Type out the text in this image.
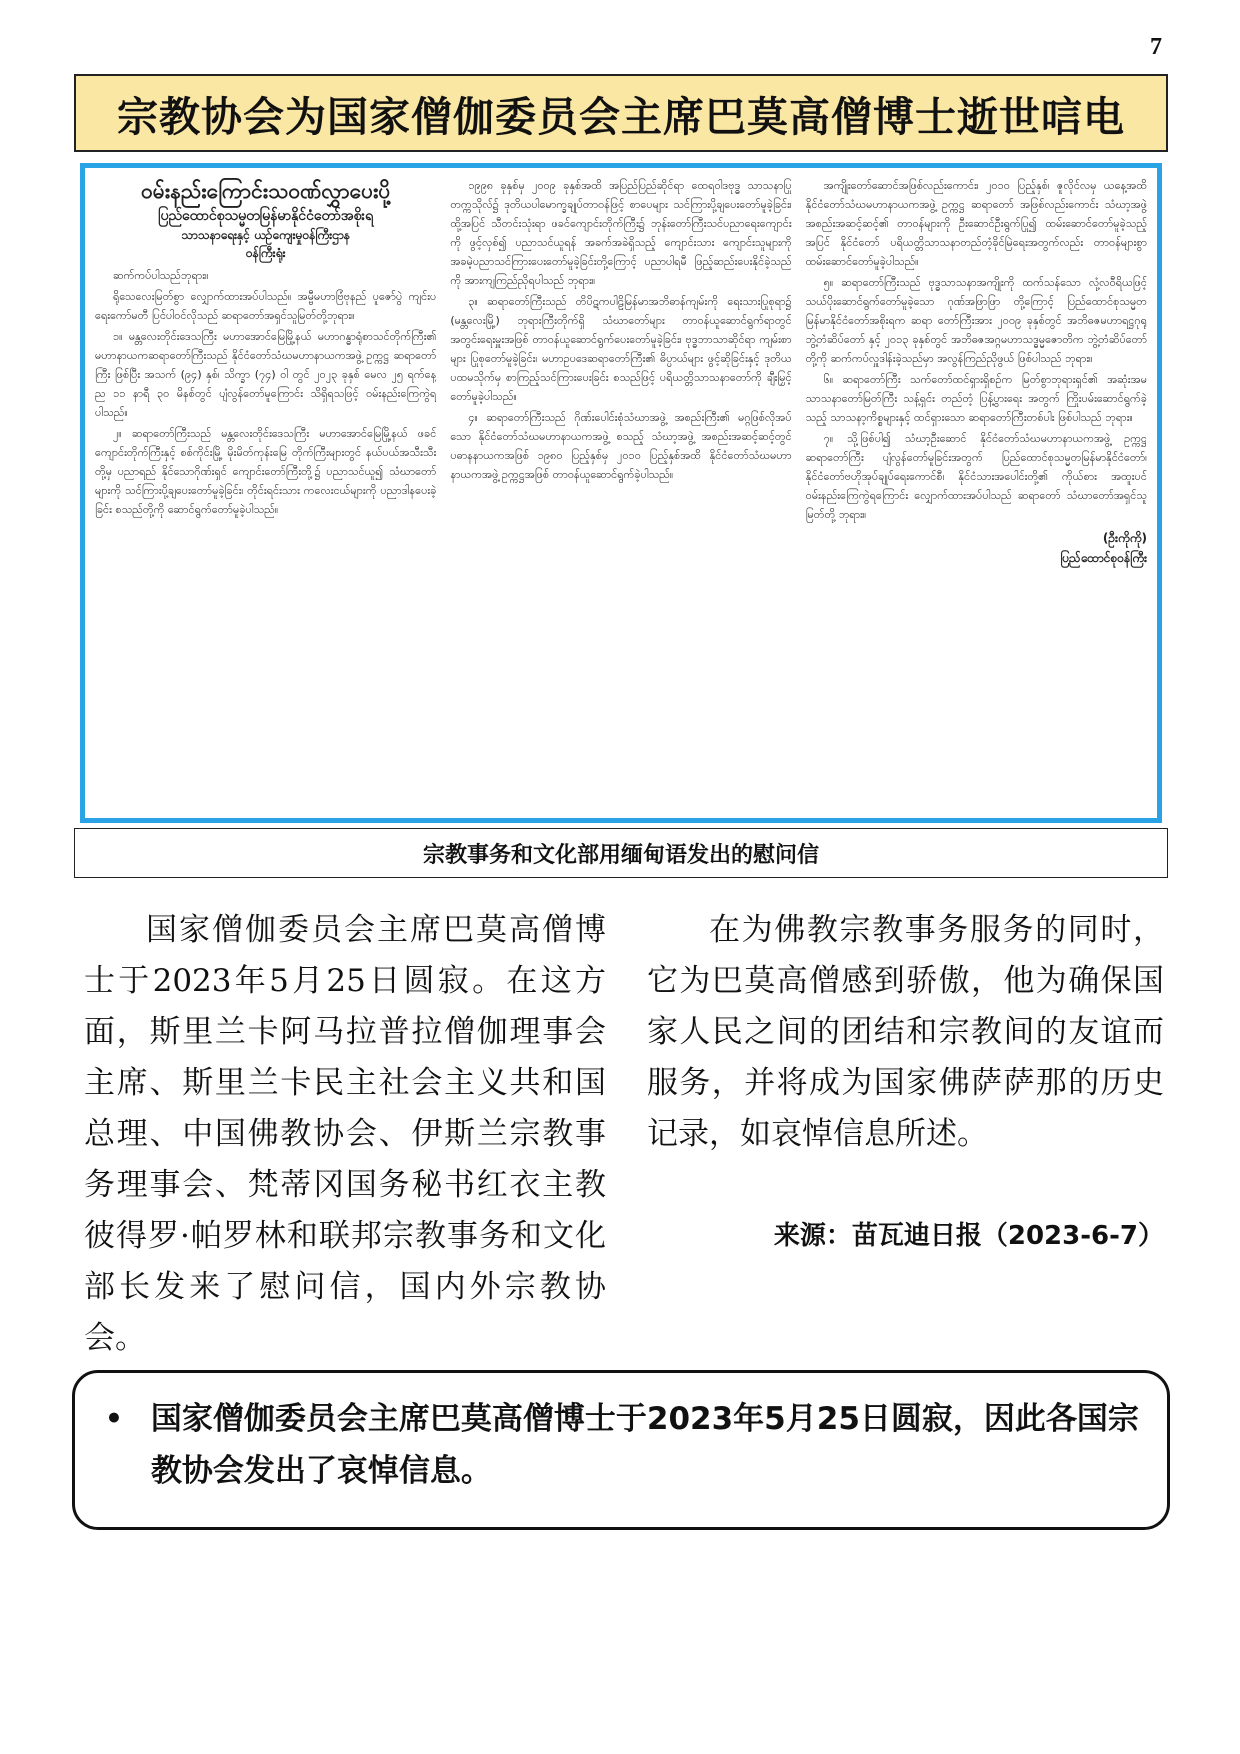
7
宗教协会为国家僧伽委员会主席巴莫高僧博士逝世唁电
ဝမ်းနည်းကြောင်းသဝဏ်လွှာပေးပို့
ပြည်ထောင်စုသမ္မတမြန်မာနိုင်ငံတော်အစိုးရ
သာသနာရေးနှင့် ယဉ်ကျေးမှုဝန်ကြီးဌာန
ဝန်ကြီးရုံး

ဆက်ကပ်ပါသည်ဘုရား။

ရိုသေလေးမြတ်စွာ လျှောက်ထားအပ်ပါသည်။ အမ္ဗီမဟာဗြံဗုနည် ပူဇော်ပွဲ ကျင်းပရေးကော်မတီ ပြင်ပါဝင်လိုသည် ဆရာတော်အရှင်သူမြတ်တို့ဘုရား။

၁။ မန္တလေးတိုင်းဒေသကြီး မဟာအောင်မြေမြို့နယ် မဟာဂန္ဓာရုံစာသင်တိုက်ကြီး၏ မဟာနာယကဆရာတော်ကြီးသည် နိုင်ငံတော်သံဃမဟာနာယကအဖွဲ့ ဥက္ကဋ္ဌ ဆရာတော်ကြီး ဖြစ်ပြီး အသက် (၉၄) နှစ်၊ သိက္ခာ (၇၄) ဝါ တွင် ၂၀၂၃ ခုနှစ် မေလ ၂၅ ရက်နေ့ ည ၁၁ နာရီ ၃၀ မိနစ်တွင် ပျံလွန်တော်မူကြောင်း သိရှိရသဖြင့် ဝမ်းနည်းကြေကွဲရပါသည်။

၂။ ဆရာတော်ကြီးသည် မန္တလေးတိုင်းဒေသကြီး မဟာအောင်မြေမြို့နယ် ဖခင်ကျောင်းတိုက်ကြီးနှင့် စစ်ကိုင်းမြို့ မိုးမိတ်ကုန်းမြေ တိုက်ကြီးများတွင် နယ်ပယ်အသီးသီးတို့မှ ပညာရည် နိုင်သောဂိုဏ်းရှင် ကျောင်းတော်ကြီးတို့၌ ပညာသင်ယူ၍ သံဃာတော်များကို သင်ကြားပို့ချပေးတော်မူခဲ့ခြင်း၊ တိုင်းရင်းသား ကလေးငယ်များကို ပညာဒါနပေးခဲ့ခြင်း စသည်တို့ကို ဆောင်ရွက်တော်မူခဲ့ပါသည်။

၁၉၉၈ ခုနှစ်မှ ၂၀၀၉ ခုနှစ်အထိ အပြည်ပြည်ဆိုင်ရာ ထေရဝါဒဗုဒ္ဓ သာသနာပြုတက္ကသိုလ်၌ ဒုတိယပါမောက္ခချုပ်တာဝန်ဖြင့် စာပေများ သင်ကြားပို့ချပေးတော်မူခဲ့ခြင်း၊ ထို့အပြင် သီတင်းသုံးရာ ဖခင်ကျောင်းတိုက်ကြီး၌ ဘုန်းတော်ကြီးသင်ပညာရေးကျောင်းကို ဖွင့်လှစ်၍ ပညာသင်ယူရန် အခက်အခဲရှိသည့် ကျောင်းသား ကျောင်းသူများကို အခမဲ့ပညာသင်ကြားပေးတော်မူခဲ့ခြင်းတို့ကြောင့် ပညာပါရမီ ဖြည့်ဆည်းပေးနိုင်ခဲ့သည်ကို အားကျကြည်ညိုရပါသည် ဘုရား။

၃။ ဆရာတော်ကြီးသည် တိပိဋကပါဠိမြန်မာအဘိဓာန်ကျမ်းကို ရေးသားပြုစုရာ၌ (မန္တလေးမြို့) ဘုရားကြီးတိုက်ရှိ သံဃာတော်များ တာဝန်ယူဆောင်ရွက်ရာတွင် အတွင်းရေးမှူးအဖြစ် တာဝန်ယူဆောင်ရွက်ပေးတော်မူခဲ့ခြင်း၊ ဗုဒ္ဓဘာသာဆိုင်ရာ ကျမ်းစာများ ပြုစုတော်မူခဲ့ခြင်း၊ မဟာဥပဒေဆရာတော်ကြီး၏ ဓိပ္ပာယ်များ ဖွင့်ဆိုခြင်းနှင့် ဒုတိယပထမသိုက်မှ စာကြည့်သင်ကြားပေးခြင်း စသည်ဖြင့် ပရိယတ္တိသာသနာတော်ကို ချီးမြှင့်တော်မူခဲ့ပါသည်။

၄။ ဆရာတော်ကြီးသည် ဂိုဏ်းပေါင်းစုံသံဃာအဖွဲ့ အစည်းကြီး၏ မဂ္ဂဖြစ်လိုအပ်သော နိုင်ငံတော်သံဃမဟာနာယကအဖွဲ့ စသည့် သံဃာ့အဖွဲ့ အစည်းအဆင့်ဆင့်တွင် ပဓာနနာယကအဖြစ် ၁၉၈၀ ပြည့်နှစ်မှ ၂၀၁၀ ပြည့်နှစ်အထိ နိုင်ငံတော်သံဃမဟာနာယကအဖွဲ့ ဥက္ကဋ္ဌအဖြစ် တာဝန်ယူဆောင်ရွက်ခဲ့ပါသည်။

အကျိုးတော်ဆောင်အဖြစ်လည်းကောင်း၊ ၂၀၁၀ ပြည့်နှစ်၊ ဇူလိုင်လမှ ယနေ့အထိ နိုင်ငံတော်သံဃမဟာနာယကအဖွဲ့ ဥက္ကဋ္ဌ ဆရာတော် အဖြစ်လည်းကောင်း သံဃာ့အဖွဲ့ အစည်းအဆင့်ဆင့်၏ တာဝန်များကို ဦးဆောင်ဦးရွက်ပြု၍ ထမ်းဆောင်တော်မူခဲ့သည့်အပြင် နိုင်ငံတော် ပရိယတ္တိသာသနာတည်တံ့ခိုင်မြဲရေးအတွက်လည်း တာဝန်များစွာ ထမ်းဆောင်တော်မူခဲ့ပါသည်။

၅။ ဆရာတော်ကြီးသည် ဗုဒ္ဓသာသနာအကျိုးကို ထက်သန်သော လုံ့လဝီရိယဖြင့် သယ်ပိုးဆောင်ရွက်တော်မူခဲ့သော ဂုဏ်အဖြာဖြာ တို့ကြောင့် ပြည်ထောင်စုသမ္မတမြန်မာနိုင်ငံတော်အစိုးရက ဆရာ တော်ကြီးအား ၂၀၀၉ ခုနှစ်တွင် အဘိဓဇမဟာရဋ္ဌဂုရု ဘွဲ့တံဆိပ်တော် နှင့် ၂၀၁၃ ခုနှစ်တွင် အဘိဓဇအဂ္ဂမဟာသဒ္ဓမ္မဇောတိက ဘွဲ့တံဆိပ်တော်တို့ကို ဆက်ကပ်လှူဒါန်းခဲ့သည်မှာ အလွန်ကြည်ညိုဖွယ် ဖြစ်ပါသည် ဘုရား။

၆။ ဆရာတော်ကြီး သက်တော်ထင်ရှားရှိစဉ်က မြတ်စွာဘုရားရှင်၏ အဆုံးအမသာသနာတော်မြတ်ကြီး သန့်ရှင်း တည်တံ့ ပြန့်ပွားရေး အတွက် ကြိုးပမ်းဆောင်ရွက်ခဲ့သည့် သာသနာ့ကိစ္စများနှင့် ထင်ရှားသော ဆရာတော်ကြီးတစ်ပါး ဖြစ်ပါသည် ဘုရား။

၇။ သို့ဖြစ်ပါ၍ သံဃာ့ဦးဆောင် နိုင်ငံတော်သံဃမဟာနာယကအဖွဲ့ ဥက္ကဋ္ဌ ဆရာတော်ကြီး ပျံလွန်တော်မူခြင်းအတွက် ပြည်ထောင်စုသမ္မတမြန်မာနိုင်ငံတော်၊ နိုင်ငံတော်ဗဟိုအုပ်ချုပ်ရေးကောင်စီ၊ နိုင်ငံသားအပေါင်းတို့၏ ကိုယ်စား အထူးပင်ဝမ်းနည်းကြေကွဲရကြောင်း လျှောက်ထားအပ်ပါသည် ဆရာတော် သံဃာတော်အရှင်သူမြတ်တို့ ဘုရား။

(ဦးကိုကို)
ပြည်ထောင်စုဝန်ကြီး
宗教事务和文化部用缅甸语发出的慰问信

国家僧伽委员会主席巴莫高僧博士于2023年5月25日圆寂。在这方面，斯里兰卡阿马拉普拉僧伽理事会主席、斯里兰卡民主社会主义共和国总理、中国佛教协会、伊斯兰宗教事务理事会、梵蒂冈国务秘书红衣主教彼得罗·帕罗林和联邦宗教事务和文化部长发来了慰问信，国内外宗教协会。

在为佛教宗教事务服务的同时，它为巴莫高僧感到骄傲，他为确保国家人民之间的团结和宗教间的友谊而服务，并将成为国家佛萨萨那的历史记录，如哀悼信息所述。

来源：苗瓦迪日报（2023-6-7）
• 国家僧伽委员会主席巴莫高僧博士于2023年5月25日圆寂，因此各国宗教协会发出了哀悼信息。
